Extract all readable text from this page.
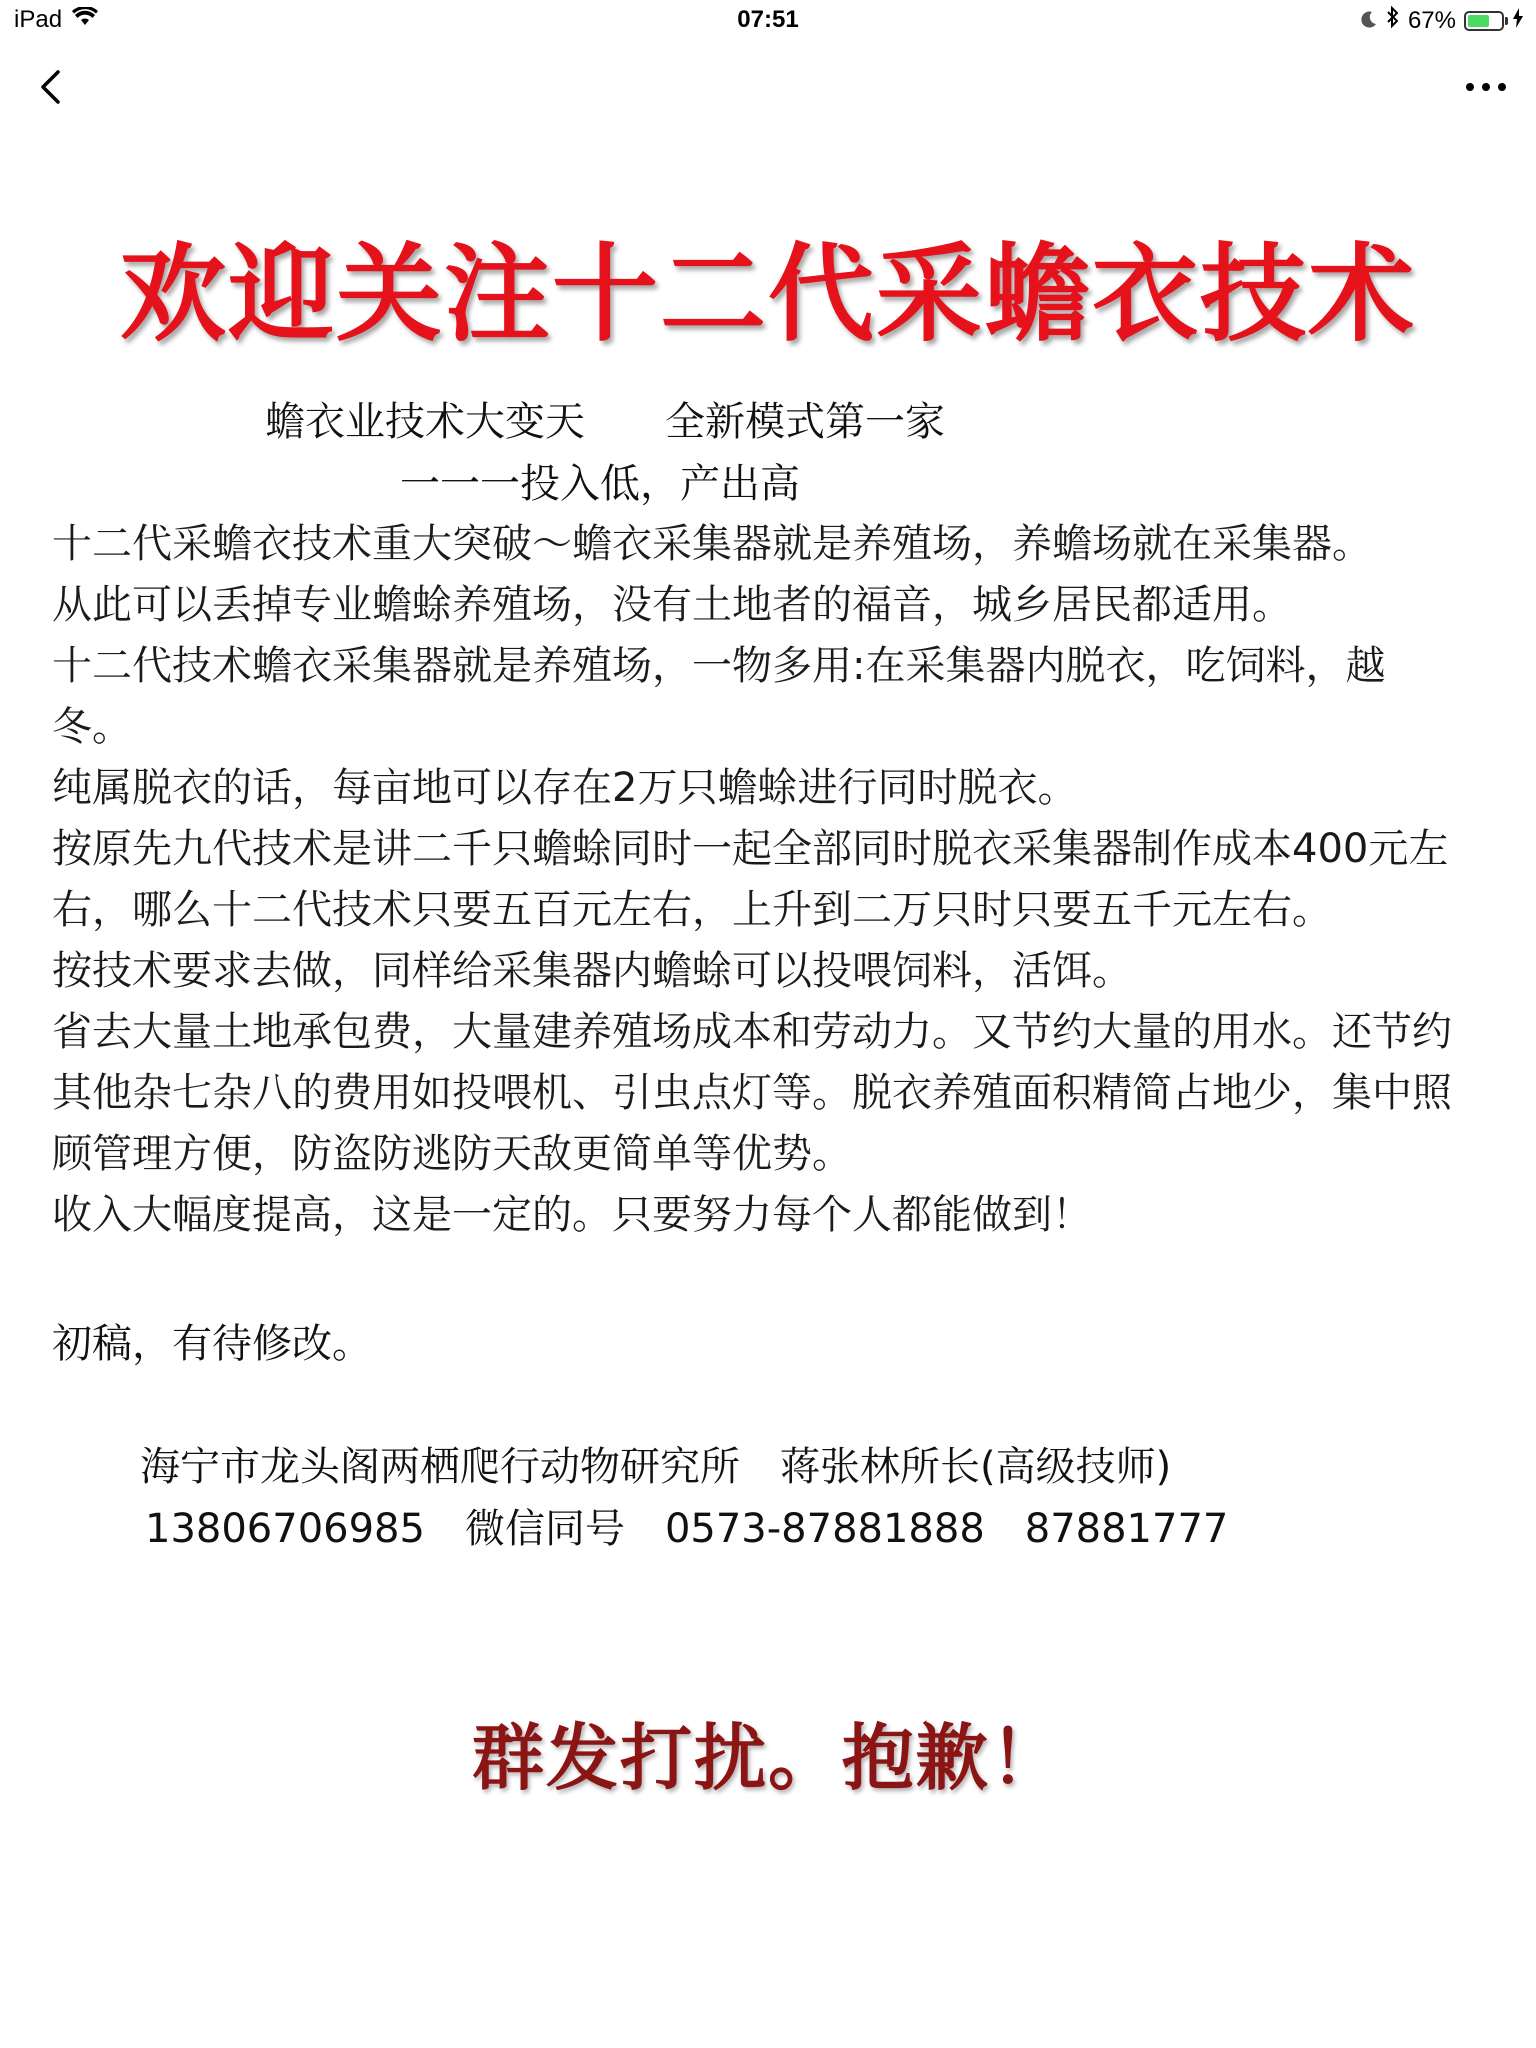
iPad	07:51	67%
欢迎关注十二代采蟾衣技术
蟾衣业技术大变天　　全新模式第一家
一一一投入低，产出高
十二代采蟾衣技术重大突破～蟾衣采集器就是养殖场，养蟾场就在采集器。
从此可以丢掉专业蟾蜍养殖场，没有土地者的福音，城乡居民都适用。
十二代技术蟾衣采集器就是养殖场，一物多用:在采集器内脱衣，吃饲料，越
冬。
纯属脱衣的话，每亩地可以存在2万只蟾蜍进行同时脱衣。
按原先九代技术是讲二千只蟾蜍同时一起全部同时脱衣采集器制作成本400元左
右，哪么十二代技术只要五百元左右，上升到二万只时只要五千元左右。
按技术要求去做，同样给采集器内蟾蜍可以投喂饲料，活饵。
省去大量土地承包费，大量建养殖场成本和劳动力。又节约大量的用水。还节约
其他杂七杂八的费用如投喂机、引虫点灯等。脱衣养殖面积精简占地少，集中照
顾管理方便，防盗防逃防天敌更简单等优势。
收入大幅度提高，这是一定的。只要努力每个人都能做到！
初稿，有待修改。
海宁市龙头阁两栖爬行动物研究所　蒋张林所长(高级技师)
13806706985　微信同号　0573-87881888　87881777
群发打扰。抱歉！
